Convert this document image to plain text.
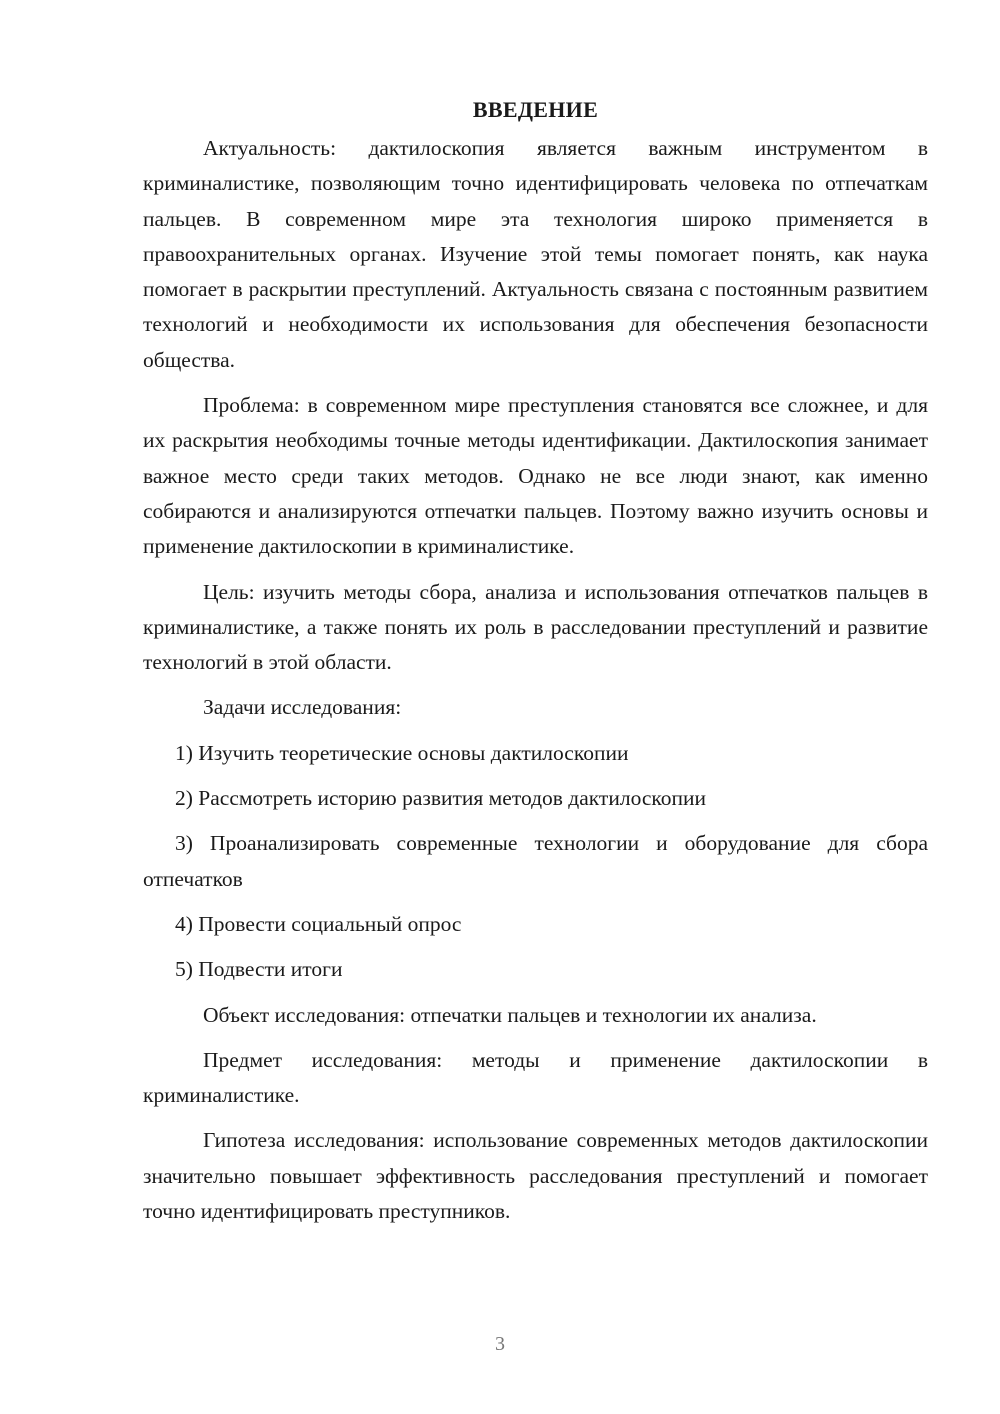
ВВЕДЕНИЕ

Актуальность: дактилоскопия является важным инструментом в криминалистике, позволяющим точно идентифицировать человека по отпечаткам пальцев. В современном мире эта технология широко применяется в правоохранительных органах. Изучение этой темы помогает понять, как наука помогает в раскрытии преступлений. Актуальность связана с постоянным развитием технологий и необходимости их использования для обеспечения безопасности общества.

Проблема: в современном мире преступления становятся все сложнее, и для их раскрытия необходимы точные методы идентификации. Дактилоскопия занимает важное место среди таких методов. Однако не все люди знают, как именно собираются и анализируются отпечатки пальцев. Поэтому важно изучить основы и применение дактилоскопии в криминалистике.

Цель: изучить методы сбора, анализа и использования отпечатков пальцев в криминалистике, а также понять их роль в расследовании преступлений и развитие технологий в этой области.

Задачи исследования:

1) Изучить теоретические основы дактилоскопии

2) Рассмотреть историю развития методов дактилоскопии

3) Проанализировать современные технологии и оборудование для сбора отпечатков

4) Провести социальный опрос

5) Подвести итоги

Объект исследования: отпечатки пальцев и технологии их анализа.

Предмет исследования: методы и применение дактилоскопии в криминалистике.

Гипотеза исследования: использование современных методов дактилоскопии значительно повышает эффективность расследования преступлений и помогает точно идентифицировать преступников.

3
